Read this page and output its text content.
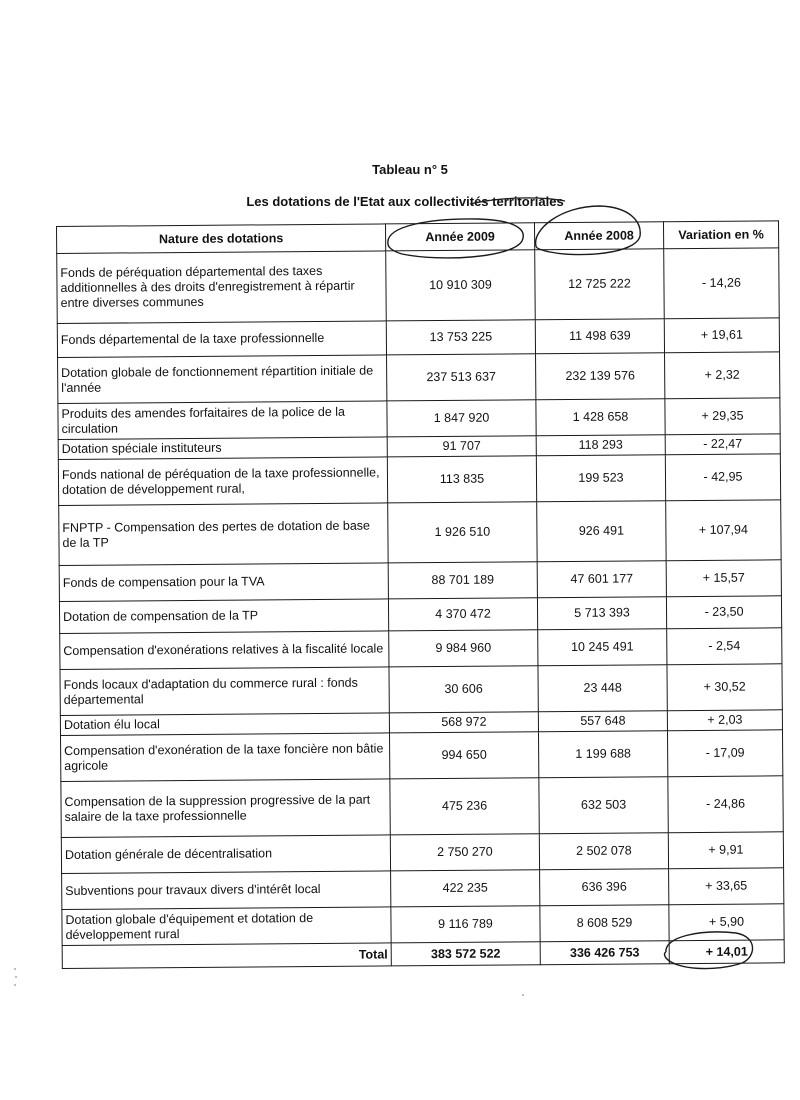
Tableau n° 5
Les dotations de l'Etat aux collectivités territoriales
Nature des dotations	Année 2009	Année 2008	Variation en %
Fonds de péréquation départemental des taxes additionnelles à des droits d'enregistrement à répartir entre diverses communes	10 910 309	12 725 222	- 14,26
Fonds départemental de la taxe professionnelle	13 753 225	11 498 639	+ 19,61
Dotation globale de fonctionnement répartition initiale de l'année	237 513 637	232 139 576	+ 2,32
Produits des amendes forfaitaires de la police de la circulation	1 847 920	1 428 658	+ 29,35
Dotation spéciale instituteurs	91 707	118 293	- 22,47
Fonds national de péréquation de la taxe professionnelle, dotation de développement rural,	113 835	199 523	- 42,95
FNPTP - Compensation des pertes de dotation de base de la TP	1 926 510	926 491	+ 107,94
Fonds de compensation pour la TVA	88 701 189	47 601 177	+ 15,57
Dotation de compensation de la TP	4 370 472	5 713 393	- 23,50
Compensation d'exonérations relatives à la fiscalité locale	9 984 960	10 245 491	- 2,54
Fonds locaux d'adaptation du commerce rural : fonds départemental	30 606	23 448	+ 30,52
Dotation élu local	568 972	557 648	+ 2,03
Compensation d'exonération de la taxe foncière non bâtie agricole	994 650	1 199 688	- 17,09
Compensation de la suppression progressive de la part salaire de la taxe professionnelle	475 236	632 503	- 24,86
Dotation générale de décentralisation	2 750 270	2 502 078	+ 9,91
Subventions pour travaux divers d'intérêt local	422 235	636 396	+ 33,65
Dotation globale d'équipement et dotation de développement rural	9 116 789	8 608 529	+ 5,90
Total	383 572 522	336 426 753	+ 14,01
